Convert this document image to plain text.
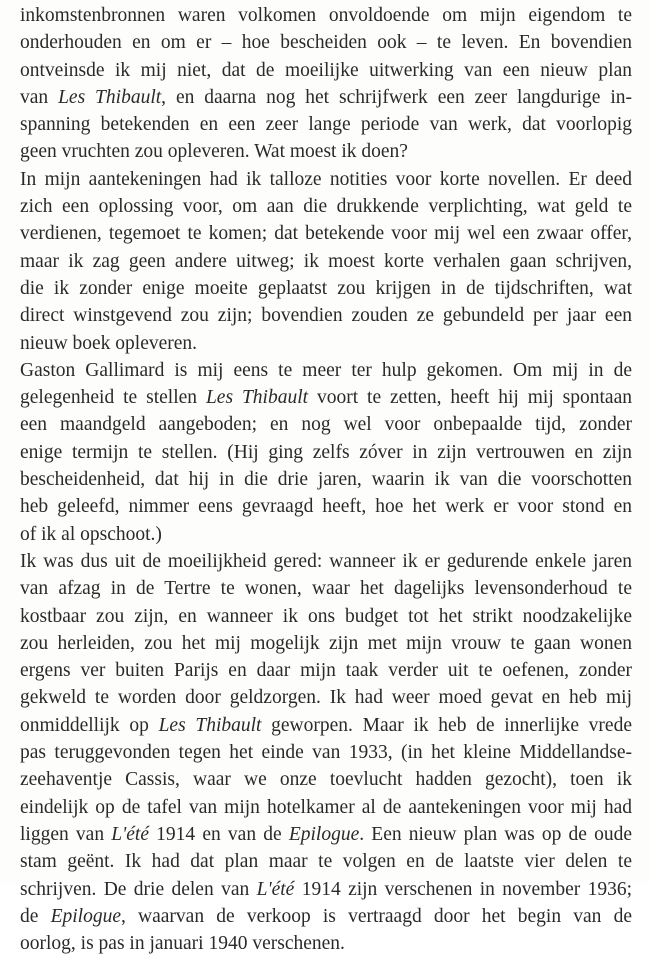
inkomstenbronnen waren volkomen onvoldoende om mijn eigendom te
onderhouden en om er – hoe bescheiden ook – te leven. En bovendien
ontveinsde ik mij niet, dat de moeilijke uitwerking van een nieuw plan
van Les Thibault, en daarna nog het schrijfwerk een zeer langdurige in-
spanning betekenden en een zeer lange periode van werk, dat voorlopig
geen vruchten zou opleveren. Wat moest ik doen?
In mijn aantekeningen had ik talloze notities voor korte novellen. Er deed
zich een oplossing voor, om aan die drukkende verplichting, wat geld te
verdienen, tegemoet te komen; dat betekende voor mij wel een zwaar offer,
maar ik zag geen andere uitweg; ik moest korte verhalen gaan schrijven,
die ik zonder enige moeite geplaatst zou krijgen in de tijdschriften, wat
direct winstgevend zou zijn; bovendien zouden ze gebundeld per jaar een
nieuw boek opleveren.
Gaston Gallimard is mij eens te meer ter hulp gekomen. Om mij in de
gelegenheid te stellen Les Thibault voort te zetten, heeft hij mij spontaan
een maandgeld aangeboden; en nog wel voor onbepaalde tijd, zonder
enige termijn te stellen. (Hij ging zelfs zóver in zijn vertrouwen en zijn
bescheidenheid, dat hij in die drie jaren, waarin ik van die voorschotten
heb geleefd, nimmer eens gevraagd heeft, hoe het werk er voor stond en
of ik al opschoot.)
Ik was dus uit de moeilijkheid gered: wanneer ik er gedurende enkele jaren
van afzag in de Tertre te wonen, waar het dagelijks levensonderhoud te
kostbaar zou zijn, en wanneer ik ons budget tot het strikt noodzakelijke
zou herleiden, zou het mij mogelijk zijn met mijn vrouw te gaan wonen
ergens ver buiten Parijs en daar mijn taak verder uit te oefenen, zonder
gekweld te worden door geldzorgen. Ik had weer moed gevat en heb mij
onmiddellijk op Les Thibault geworpen. Maar ik heb de innerlijke vrede
pas teruggevonden tegen het einde van 1933, (in het kleine Middellandse-
zeehaventje Cassis, waar we onze toevlucht hadden gezocht), toen ik
eindelijk op de tafel van mijn hotelkamer al de aantekeningen voor mij had
liggen van L'été 1914 en van de Epilogue. Een nieuw plan was op de oude
stam geënt. Ik had dat plan maar te volgen en de laatste vier delen te
schrijven. De drie delen van L'été 1914 zijn verschenen in november 1936;
de Epilogue, waarvan de verkoop is vertraagd door het begin van de
oorlog, is pas in januari 1940 verschenen.
